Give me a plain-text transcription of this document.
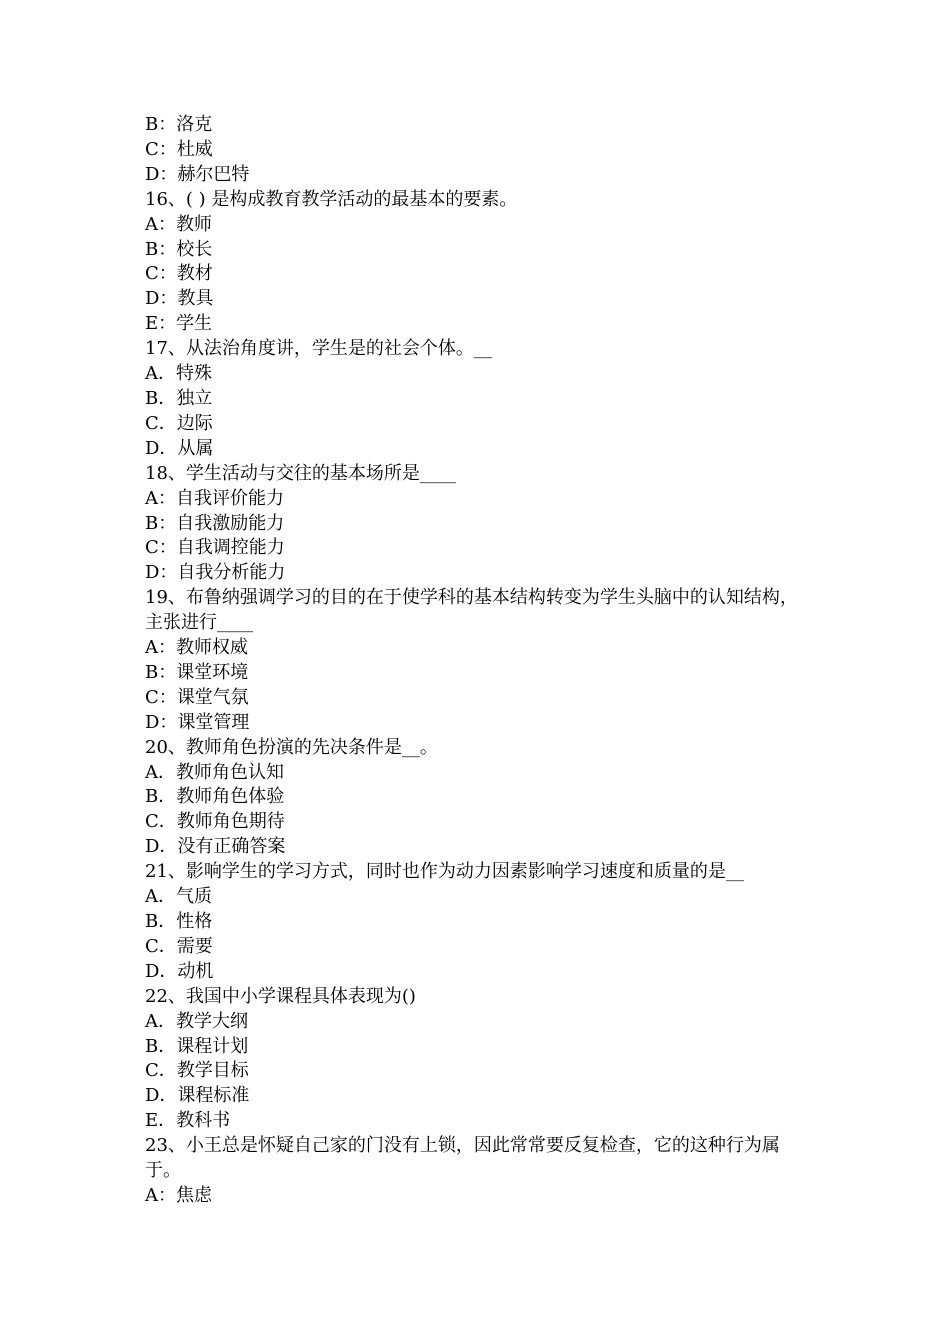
B：洛克
C：杜威
D：赫尔巴特
16、( ) 是构成教育教学活动的最基本的要素。
A：教师
B：校长
C：教材
D：教具
E：学生
17、从法治角度讲，学生是的社会个体。__
A．特殊
B．独立
C．边际
D．从属
18、学生活动与交往的基本场所是____
A：自我评价能力
B：自我激励能力
C：自我调控能力
D：自我分析能力
19、布鲁纳强调学习的目的在于使学科的基本结构转变为学生头脑中的认知结构，
主张进行____
A：教师权威
B：课堂环境
C：课堂气氛
D：课堂管理
20、教师角色扮演的先决条件是__。
A．教师角色认知
B．教师角色体验
C．教师角色期待
D．没有正确答案
21、影响学生的学习方式，同时也作为动力因素影响学习速度和质量的是__
A．气质
B．性格
C．需要
D．动机
22、我国中小学课程具体表现为()
A．教学大纲
B．课程计划
C．教学目标
D．课程标准
E．教科书
23、小王总是怀疑自己家的门没有上锁，因此常常要反复检查，它的这种行为属
于。
A：焦虑
